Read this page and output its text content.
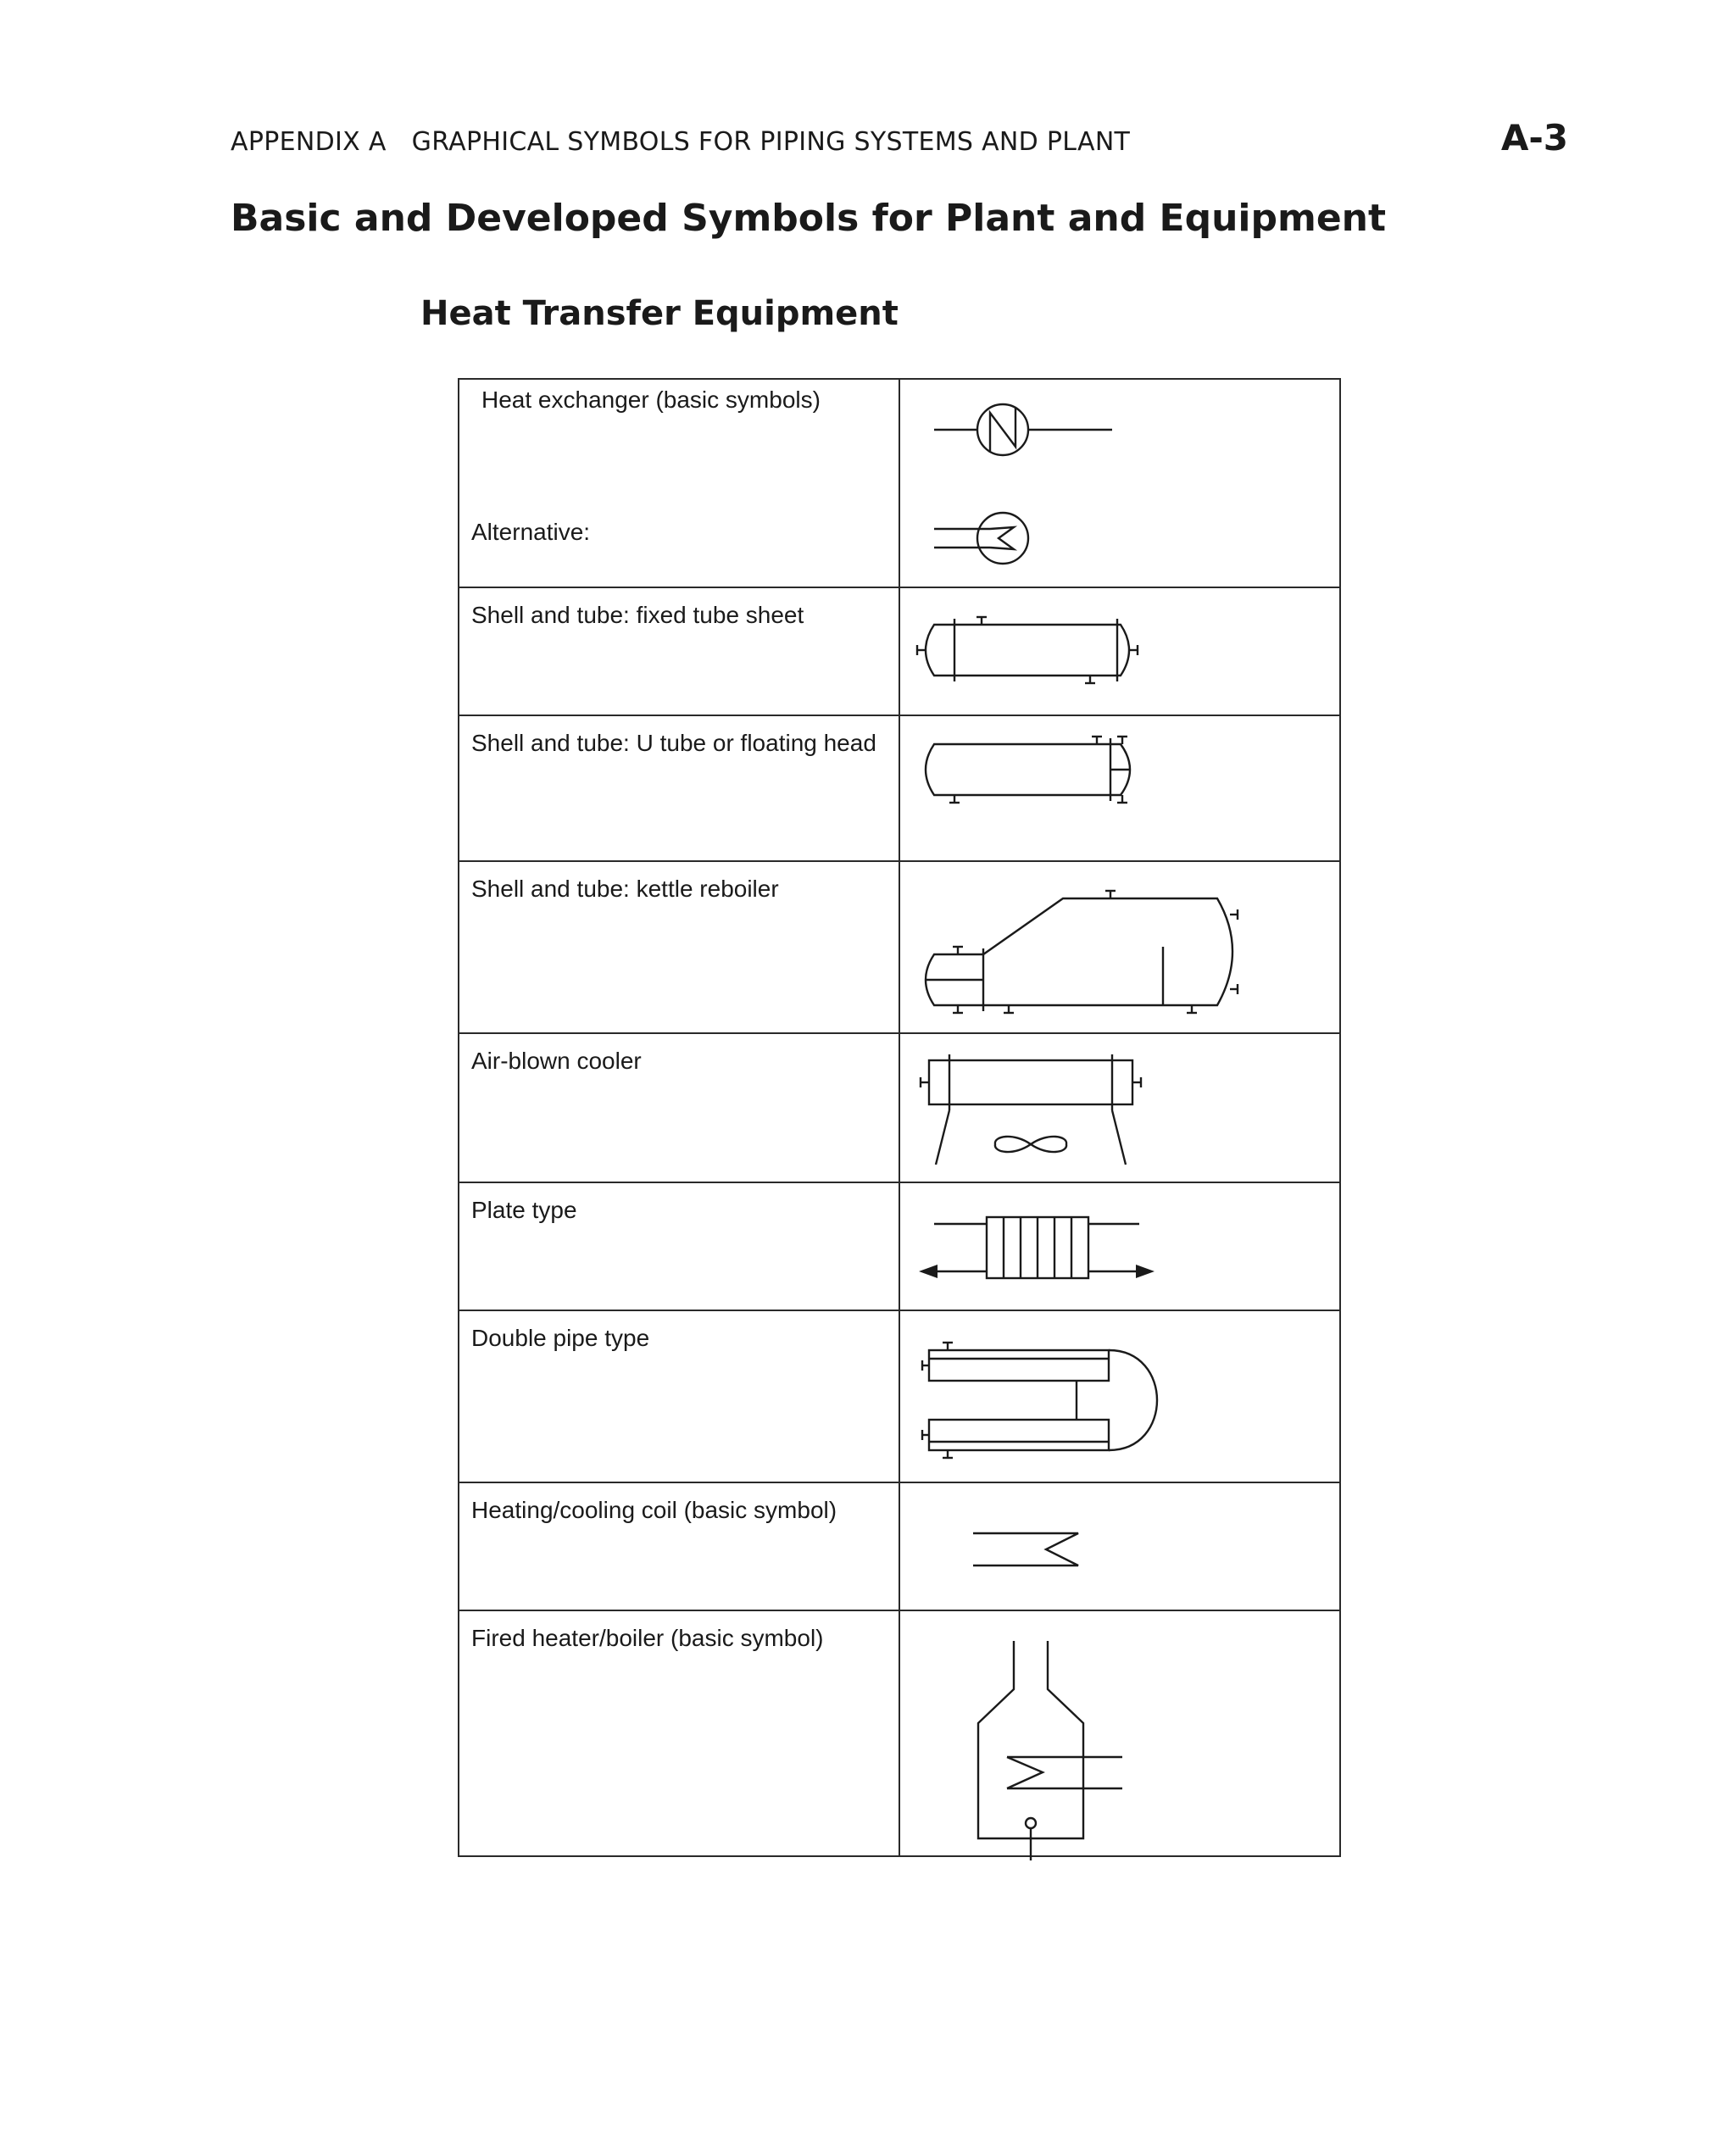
APPENDIX A GRAPHICAL SYMBOLS FOR PIPING SYSTEMS AND PLANT	A-3
Basic and Developed Symbols for Plant and Equipment
Heat Transfer Equipment
Heat exchanger (basic symbols)
Alternative:
Shell and tube: fixed tube sheet
Shell and tube: U tube or floating head
Shell and tube: kettle reboiler
Air-blown cooler
Plate type
Double pipe type
Heating/cooling coil (basic symbol)
Fired heater/boiler (basic symbol)
